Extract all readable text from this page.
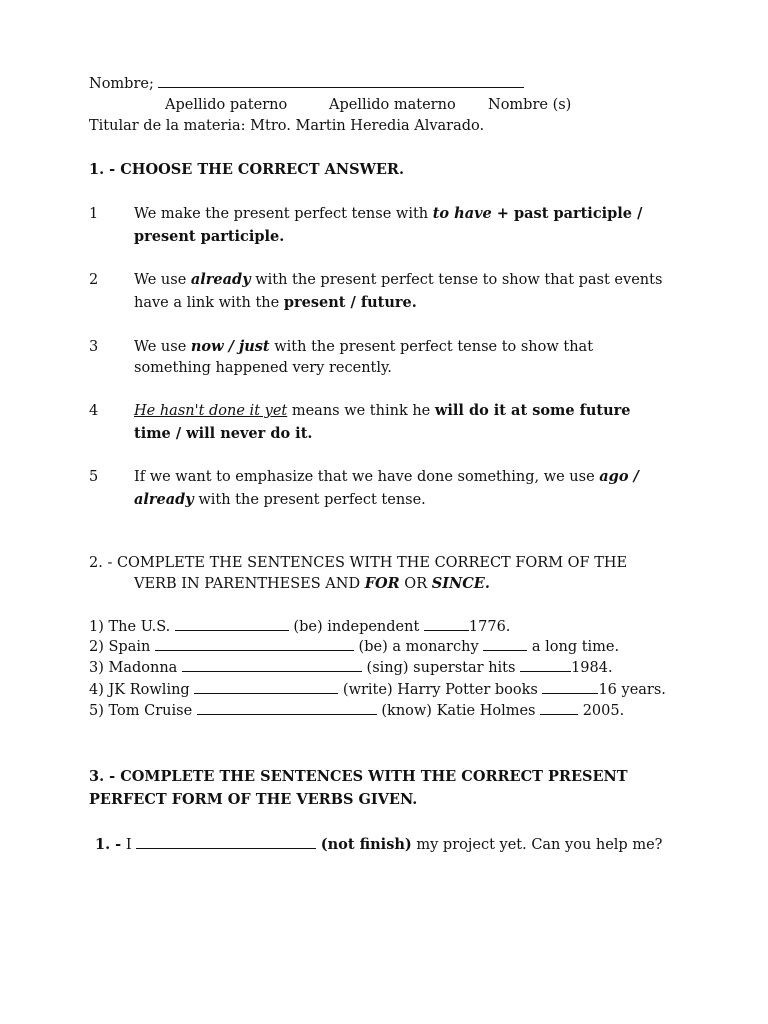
Nombre;
Apellido paterno	Apellido materno Nombre (s)
Titular de la materia: Mtro. Martin Heredia Alvarado.
1. - CHOOSE THE CORRECT ANSWER.
1 We make the present perfect tense with to have + past participle /
present participle.
2 We use already with the present perfect tense to show that past events
have a link with the present / future.
3 We use now / just with the present perfect tense to show that
something happened very recently.
4 He hasn't done it yet means we think he will do it at some future
time / will never do it.
5 If we want to emphasize that we have done something, we use ago /
already with the present perfect tense.
2. - COMPLETE THE SENTENCES WITH THE CORRECT FORM OF THE
VERB IN PARENTHESES AND FOR OR SINCE.
1) The U.S.	(be) independent	1776.
2) Spain	(be) a monarchy	a long time.
3) Madonna	(sing) superstar hits	1984.
4) JK Rowling	(write) Harry Potter books	16 years.
5) Tom Cruise	(know) Katie Holmes	2005.
3. - COMPLETE THE SENTENCES WITH THE CORRECT PRESENT
PERFECT FORM OF THE VERBS GIVEN.
1. - I	(not finish) my project yet. Can you help me?
